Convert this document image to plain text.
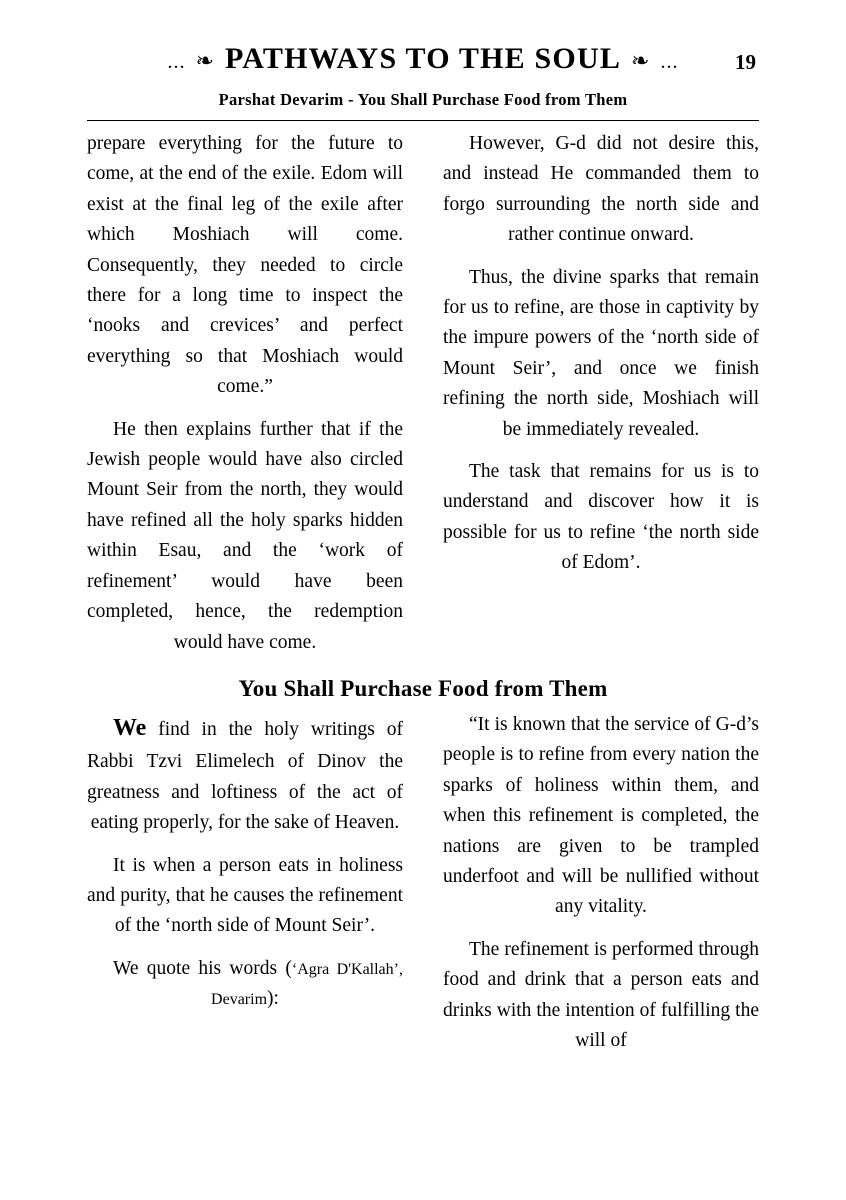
... ❧ PATHWAYS TO THE SOUL ❧ ...	19
Parshat Devarim - You Shall Purchase Food from Them

prepare everything for the future to come, at the end of the exile. Edom will exist at the final leg of the exile after which Moshiach will come. Consequently, they needed to circle there for a long time to inspect the ‘nooks and crevices’ and perfect everything so that Moshiach would come.”

He then explains further that if the Jewish people would have also circled Mount Seir from the north, they would have refined all the holy sparks hidden within Esau, and the ‘work of refinement’ would have been completed, hence, the redemption would have come.

However, G-d did not desire this, and instead He commanded them to forgo surrounding the north side and rather continue onward.

Thus, the divine sparks that remain for us to refine, are those in captivity by the impure powers of the ‘north side of Mount Seir’, and once we finish refining the north side, Moshiach will be immediately revealed.

The task that remains for us is to understand and discover how it is possible for us to refine ‘the north side of Edom’.

You Shall Purchase Food from Them

We find in the holy writings of Rabbi Tzvi Elimelech of Dinov the greatness and loftiness of the act of eating properly, for the sake of Heaven.

It is when a person eats in holiness and purity, that he causes the refinement of the ‘north side of Mount Seir’.

We quote his words (‘Agra D'Kallah’, Devarim):

“It is known that the service of G-d’s people is to refine from every nation the sparks of holiness within them, and when this refinement is completed, the nations are given to be trampled underfoot and will be nullified without any vitality.

The refinement is performed through food and drink that a person eats and drinks with the intention of fulfilling the will of
